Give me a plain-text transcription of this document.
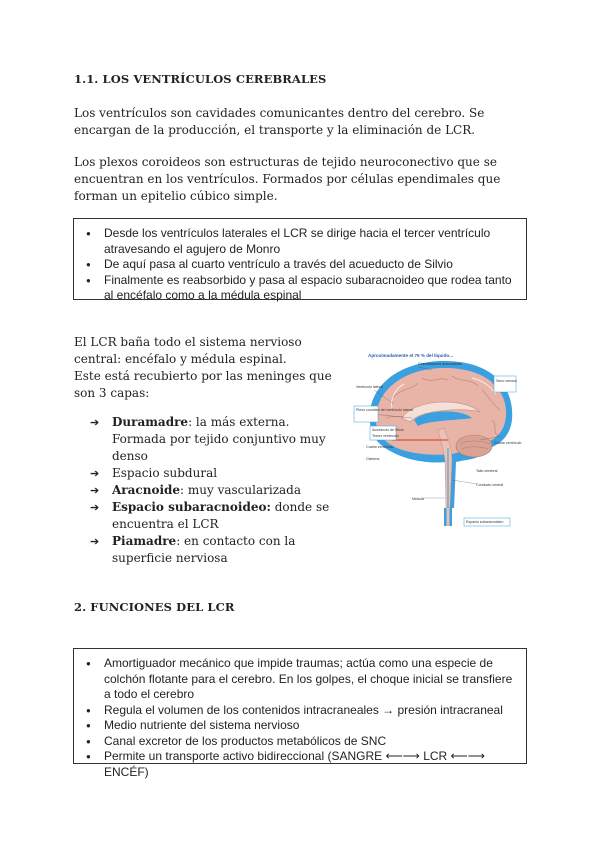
1.1. LOS VENTRÍCULOS CEREBRALES
Los ventrículos son cavidades comunicantes dentro del cerebro. Se encargan de la producción, el transporte y la eliminación de LCR.
Los plexos coroideos son estructuras de tejido neuroconectivo que se encuentran en los ventrículos. Formados por células ependimales que forman un epitelio cúbico simple.
● Desde los ventrículos laterales el LCR se dirige hacia el tercer ventrículo atravesando el agujero de Monro
● De aquí pasa al cuarto ventrículo a través del acueducto de Silvio
● Finalmente es reabsorbido y pasa al espacio subaracnoideo que rodea tanto al encéfalo como a la médula espinal
El LCR baña todo el sistema nervioso central: encéfalo y médula espinal.
Este está recubierto por las meninges que son 3 capas:
➔ Duramadre: la más externa. Formada por tejido conjuntivo muy denso
➔ Espacio subdural
➔ Aracnoide: muy vascularizada
➔ Espacio subaracnoideo: donde se encuentra el LCR
➔ Piamadre: en contacto con la superficie nerviosa
Aproximadamente el 75 % del líquido...
Granulaciones aracnoideas
Seno venoso
Ventrículo lateral
Plexo coroideo del ventrículo lateral
Acueducto de Silvio
Tercer ventrículo
Cuarto ventrículo
Cisterna
Cuarto ventrículo
Tallo cerebral
Conducto central
Espacio subaracnoideo
Médula
2. FUNCIONES DEL LCR
● Amortiguador mecánico que impide traumas; actúa como una especie de colchón flotante para el cerebro. En los golpes, el choque inicial se transfiere a todo el cerebro
● Regula el volumen de los contenidos intracraneales → presión intracraneal
● Medio nutriente del sistema nervioso
● Canal excretor de los productos metabólicos de SNC
● Permite un transporte activo bidireccional (SANGRE ⟵⟶ LCR ⟵⟶ ENCÉF)
